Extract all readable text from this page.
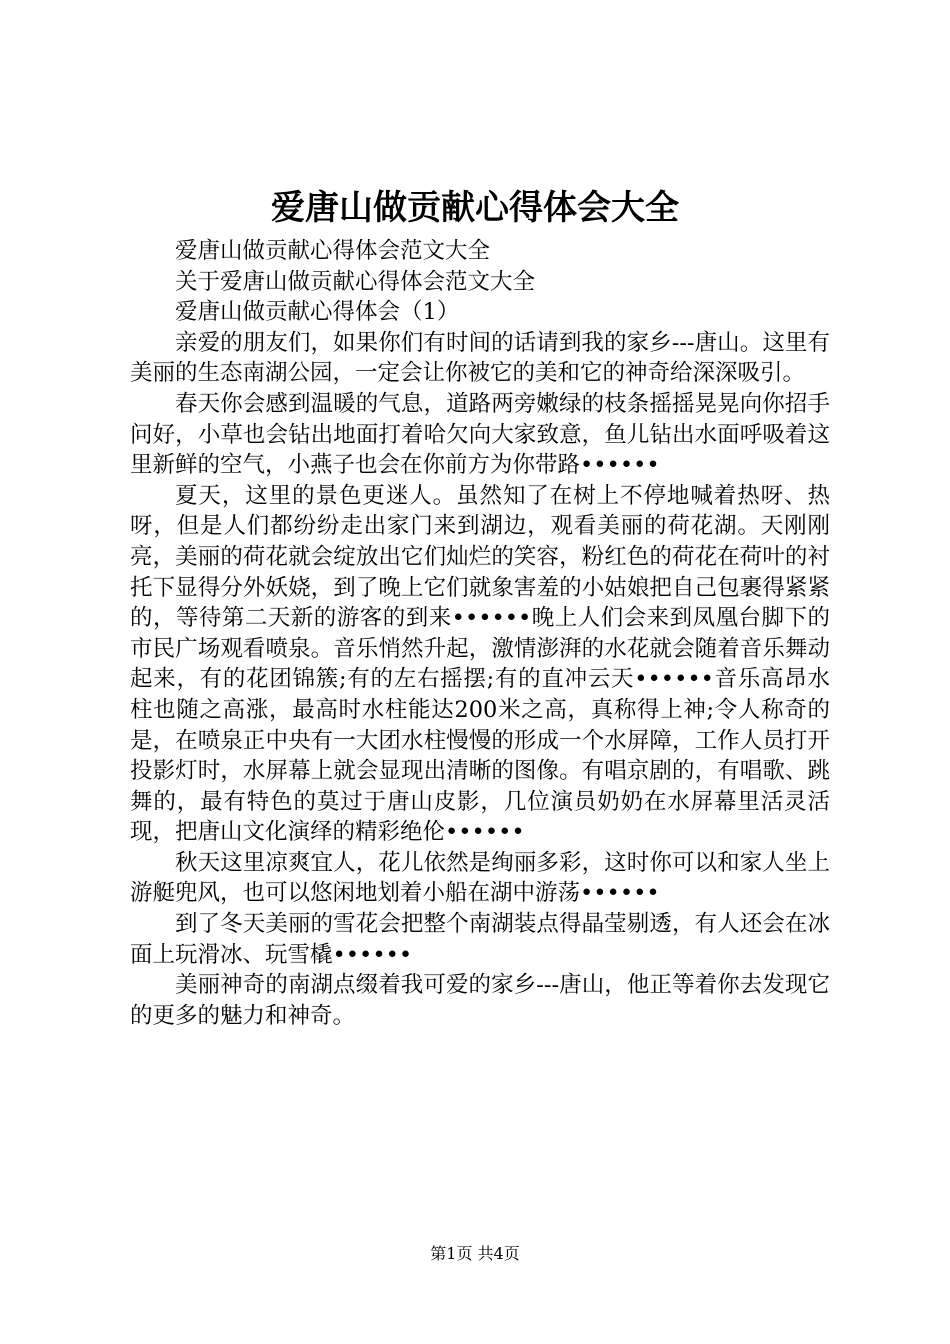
爱唐山做贡献心得体会大全

爱唐山做贡献心得体会范文大全

关于爱唐山做贡献心得体会范文大全

爱唐山做贡献心得体会（1）

亲爱的朋友们，如果你们有时间的话请到我的家乡---唐山。这里有美丽的生态南湖公园，一定会让你被它的美和它的神奇给深深吸引。

春天你会感到温暖的气息，道路两旁嫩绿的枝条摇摇晃晃向你招手问好，小草也会钻出地面打着哈欠向大家致意，鱼儿钻出水面呼吸着这里新鲜的空气，小燕子也会在你前方为你带路••••••

夏天，这里的景色更迷人。虽然知了在树上不停地喊着热呀、热呀，但是人们都纷纷走出家门来到湖边，观看美丽的荷花湖。天刚刚亮，美丽的荷花就会绽放出它们灿烂的笑容，粉红色的荷花在荷叶的衬托下显得分外妖娆，到了晚上它们就象害羞的小姑娘把自己包裹得紧紧的，等待第二天新的游客的到来••••••晚上人们会来到凤凰台脚下的市民广场观看喷泉。音乐悄然升起，激情澎湃的水花就会随着音乐舞动起来，有的花团锦簇;有的左右摇摆;有的直冲云天••••••音乐高昂水柱也随之高涨，最高时水柱能达200米之高，真称得上神;令人称奇的是，在喷泉正中央有一大团水柱慢慢的形成一个水屏障，工作人员打开投影灯时，水屏幕上就会显现出清晰的图像。有唱京剧的，有唱歌、跳舞的，最有特色的莫过于唐山皮影，几位演员奶奶在水屏幕里活灵活现，把唐山文化演绎的精彩绝伦••••••

秋天这里凉爽宜人，花儿依然是绚丽多彩，这时你可以和家人坐上游艇兜风，也可以悠闲地划着小船在湖中游荡••••••

到了冬天美丽的雪花会把整个南湖装点得晶莹剔透，有人还会在冰面上玩滑冰、玩雪橇••••••

美丽神奇的南湖点缀着我可爱的家乡---唐山，他正等着你去发现它的更多的魅力和神奇。

第1页 共4页
